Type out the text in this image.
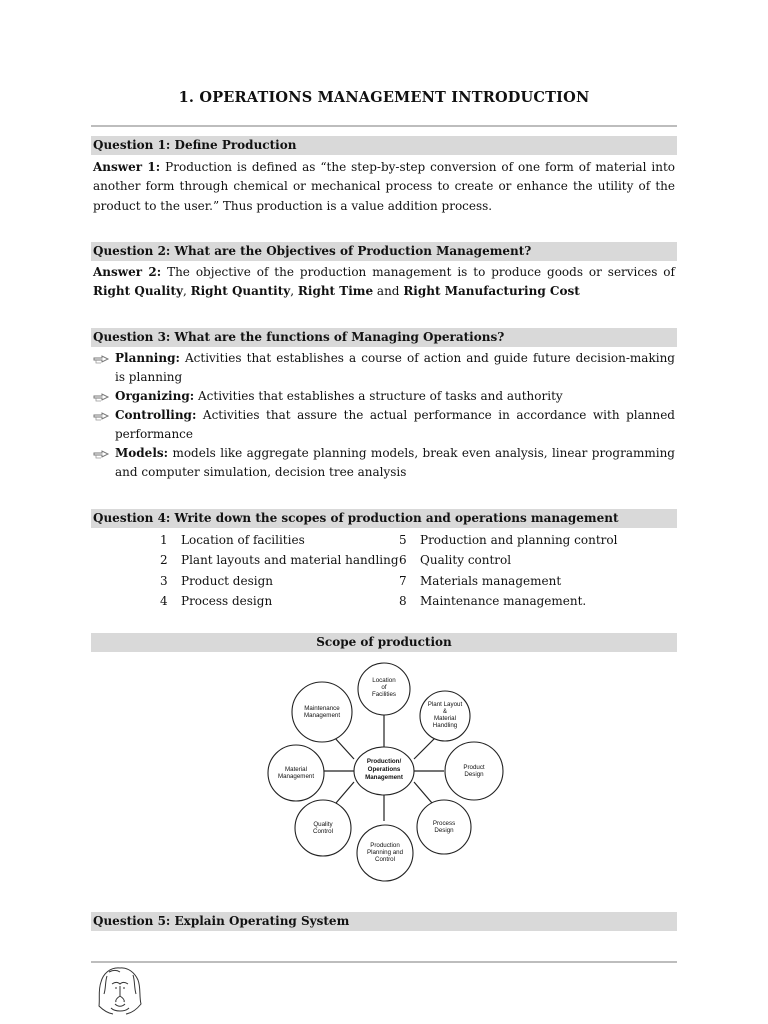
1. OPERATIONS MANAGEMENT INTRODUCTION
Question 1: Define Production
Answer 1: Production is defined as “the step-by-step conversion of one form of material into another form through chemical or mechanical process to create or enhance the utility of the product to the user.” Thus production is a value addition process.
Question 2: What are the Objectives of Production Management?
Answer 2: The objective of the production management is to produce goods or services of Right Quality, Right Quantity, Right Time and Right Manufacturing Cost
Question 3: What are the functions of Managing Operations?
Planning: Activities that establishes a course of action and guide future decision-making is planning
Organizing: Activities that establishes a structure of tasks and authority
Controlling: Activities that assure the actual performance in accordance with planned performance
Models: models like aggregate planning models, break even analysis, linear programming and computer simulation, decision tree analysis
Question 4: Write down the scopes of production and operations management
1	Location of facilities
2	Plant layouts and material handling
3	Product design
4	Process design
5	Production and planning control
6	Quality control
7	Materials management
8	Maintenance management.
Scope of production
Production/ Operations Management
Location of Facilities
Plant Layout & Material Handling
Product Design
Process Design
Production Planning and Control
Quality Control
Material Management
Maintenance Management
Question 5: Explain Operating System
